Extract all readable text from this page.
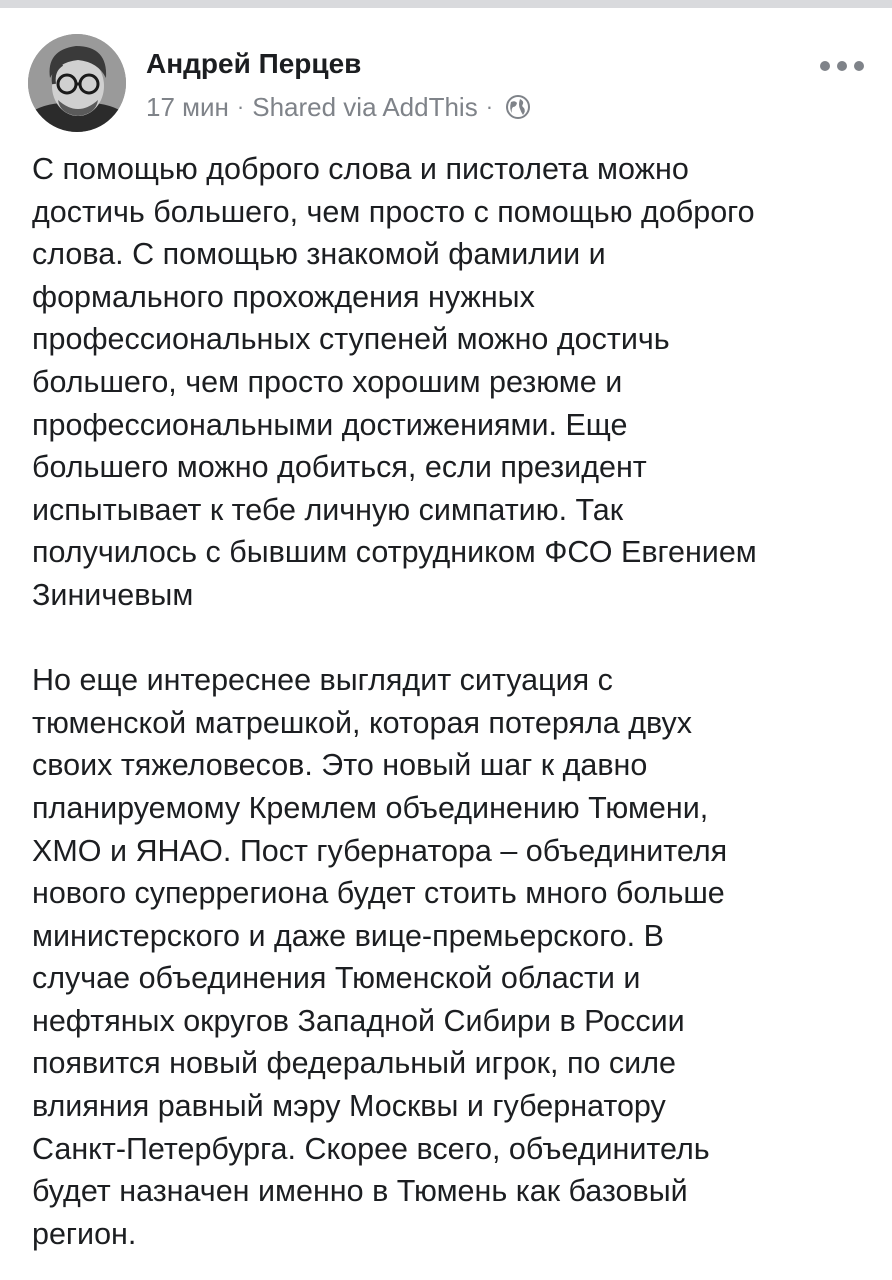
Андрей Перцев
17 мин · Shared via AddThis ·

С помощью доброго слова и пистолета можно
достичь большего, чем просто с помощью доброго
слова. С помощью знакомой фамилии и
формального прохождения нужных
профессиональных ступеней можно достичь
большего, чем просто хорошим резюме и
профессиональными достижениями. Еще
большего можно добиться, если президент
испытывает к тебе личную симпатию. Так
получилось с бывшим сотрудником ФСО Евгением
Зиничевым

Но еще интереснее выглядит ситуация с
тюменской матрешкой, которая потеряла двух
своих тяжеловесов. Это новый шаг к давно
планируемому Кремлем объединению Тюмени,
ХМО и ЯНАО. Пост губернатора – объединителя
нового суперрегиона будет стоить много больше
министерского и даже вице-премьерского. В
случае объединения Тюменской области и
нефтяных округов Западной Сибири в России
появится новый федеральный игрок, по силе
влияния равный мэру Москвы и губернатору
Санкт-Петербурга. Скорее всего, объединитель
будет назначен именно в Тюмень как базовый
регион.
